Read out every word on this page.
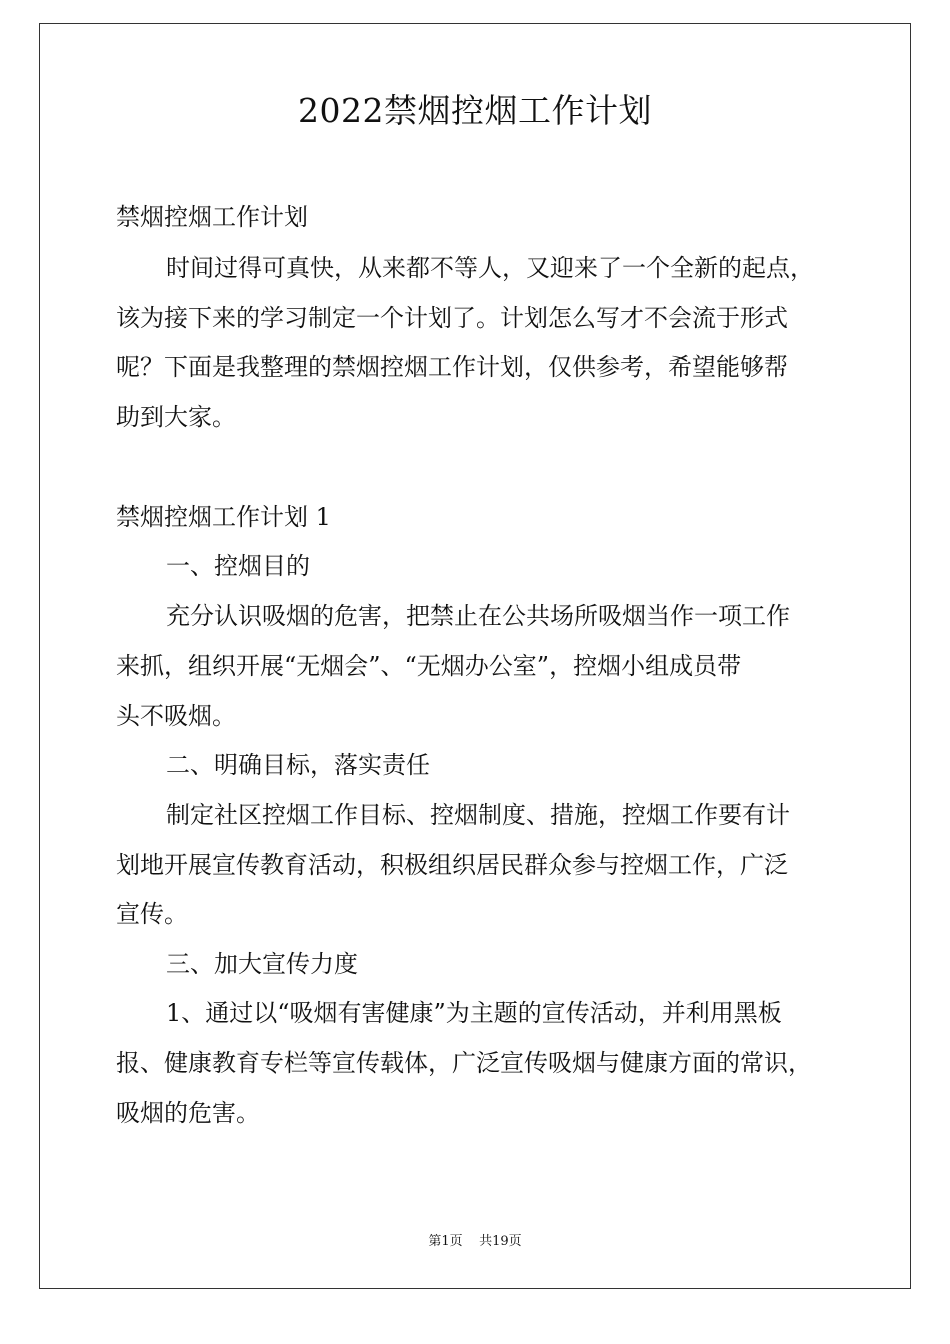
2022禁烟控烟工作计划

禁烟控烟工作计划

时间过得可真快，从来都不等人，又迎来了一个全新的起点，

该为接下来的学习制定一个计划了。计划怎么写才不会流于形式

呢？下面是我整理的禁烟控烟工作计划，仅供参考，希望能够帮

助到大家。

禁烟控烟工作计划 1

一、控烟目的

充分认识吸烟的危害，把禁止在公共场所吸烟当作一项工作

来抓，组织开展“无烟会”、“无烟办公室”，控烟小组成员带

头不吸烟。

二、明确目标，落实责任

制定社区控烟工作目标、控烟制度、措施，控烟工作要有计

划地开展宣传教育活动，积极组织居民群众参与控烟工作，广泛

宣传。

三、加大宣传力度

1、通过以“吸烟有害健康”为主题的宣传活动，并利用黑板

报、健康教育专栏等宣传载体，广泛宣传吸烟与健康方面的常识，

吸烟的危害。

第1页 共19页
